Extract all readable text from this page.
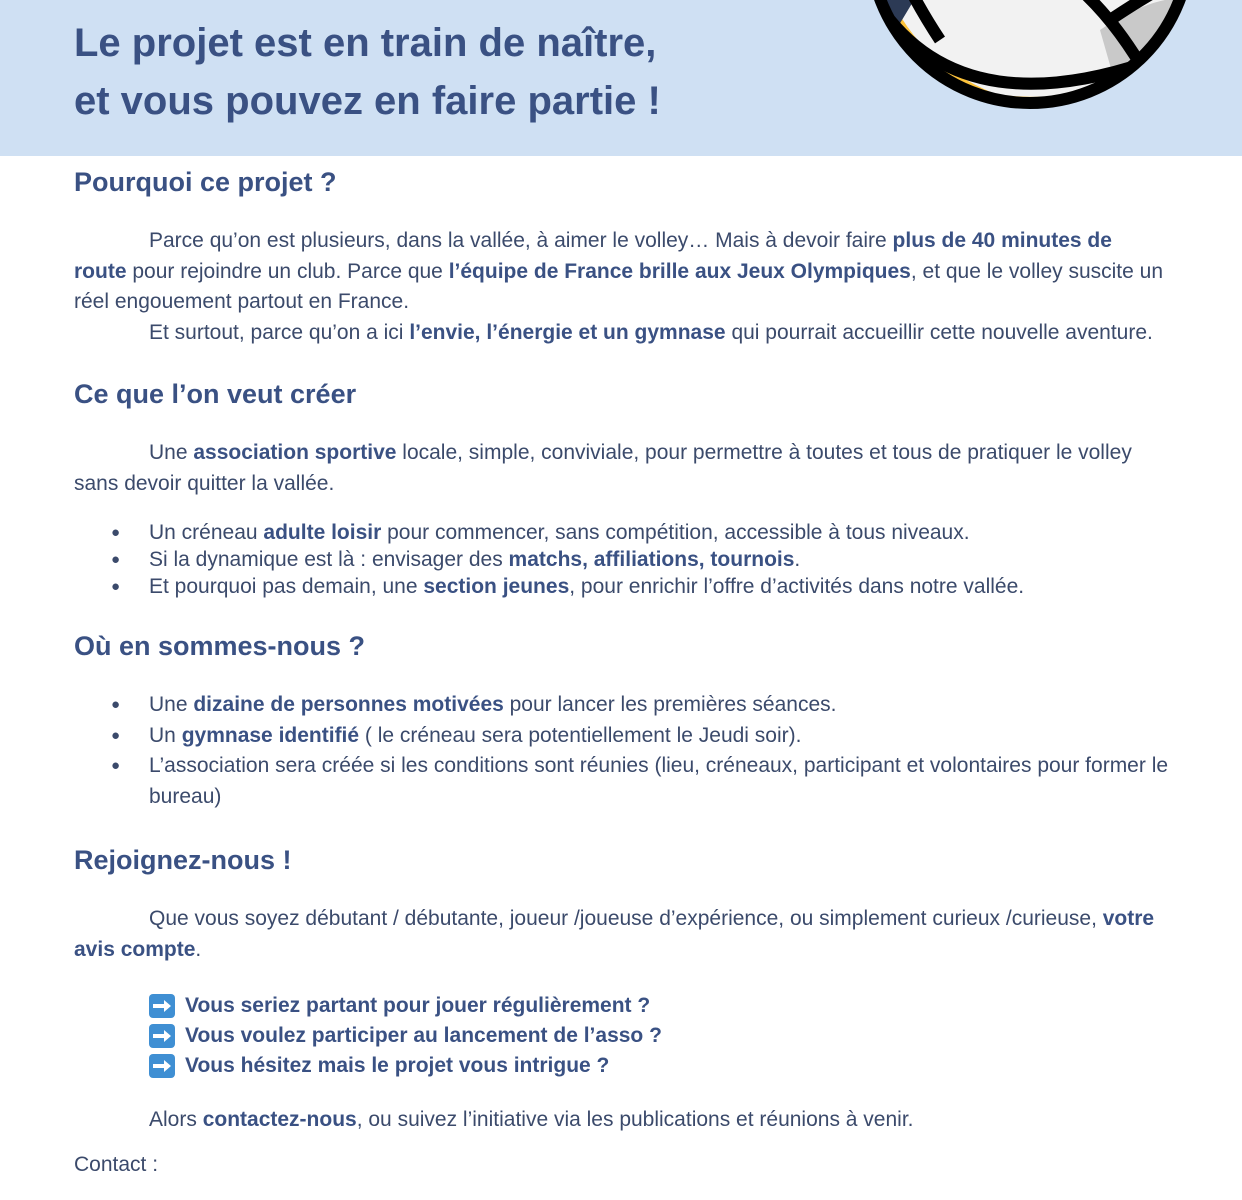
Le projet est en train de naître,
et vous pouvez en faire partie !
Pourquoi ce projet ?

Parce qu’on est plusieurs, dans la vallée, à aimer le volley… Mais à devoir faire plus de 40 minutes de route pour rejoindre un club. Parce que l’équipe de France brille aux Jeux Olympiques, et que le volley suscite un réel engouement partout en France.

Et surtout, parce qu’on a ici l’envie, l’énergie et un gymnase qui pourrait accueillir cette nouvelle aventure.

Ce que l’on veut créer

Une association sportive locale, simple, conviviale, pour permettre à toutes et tous de pratiquer le volley sans devoir quitter la vallée.

● Un créneau adulte loisir pour commencer, sans compétition, accessible à tous niveaux.
● Si la dynamique est là : envisager des matchs, affiliations, tournois.
● Et pourquoi pas demain, une section jeunes, pour enrichir l’offre d’activités dans notre vallée.
Où en sommes-nous ?
● Une dizaine de personnes motivées pour lancer les premières séances.
● Un gymnase identifié ( le créneau sera potentiellement le Jeudi soir).
● L’association sera créée si les conditions sont réunies (lieu, créneaux, participant et volontaires pour former le bureau)
Rejoignez-nous !

Que vous soyez débutant / débutante, joueur /joueuse d’expérience, ou simplement curieux /curieuse, votre avis compte.

Vous seriez partant pour jouer régulièrement ?
Vous voulez participer au lancement de l’asso ?
Vous hésitez mais le projet vous intrigue ?

Alors contactez-nous, ou suivez l’initiative via les publications et réunions à venir.

Contact :
